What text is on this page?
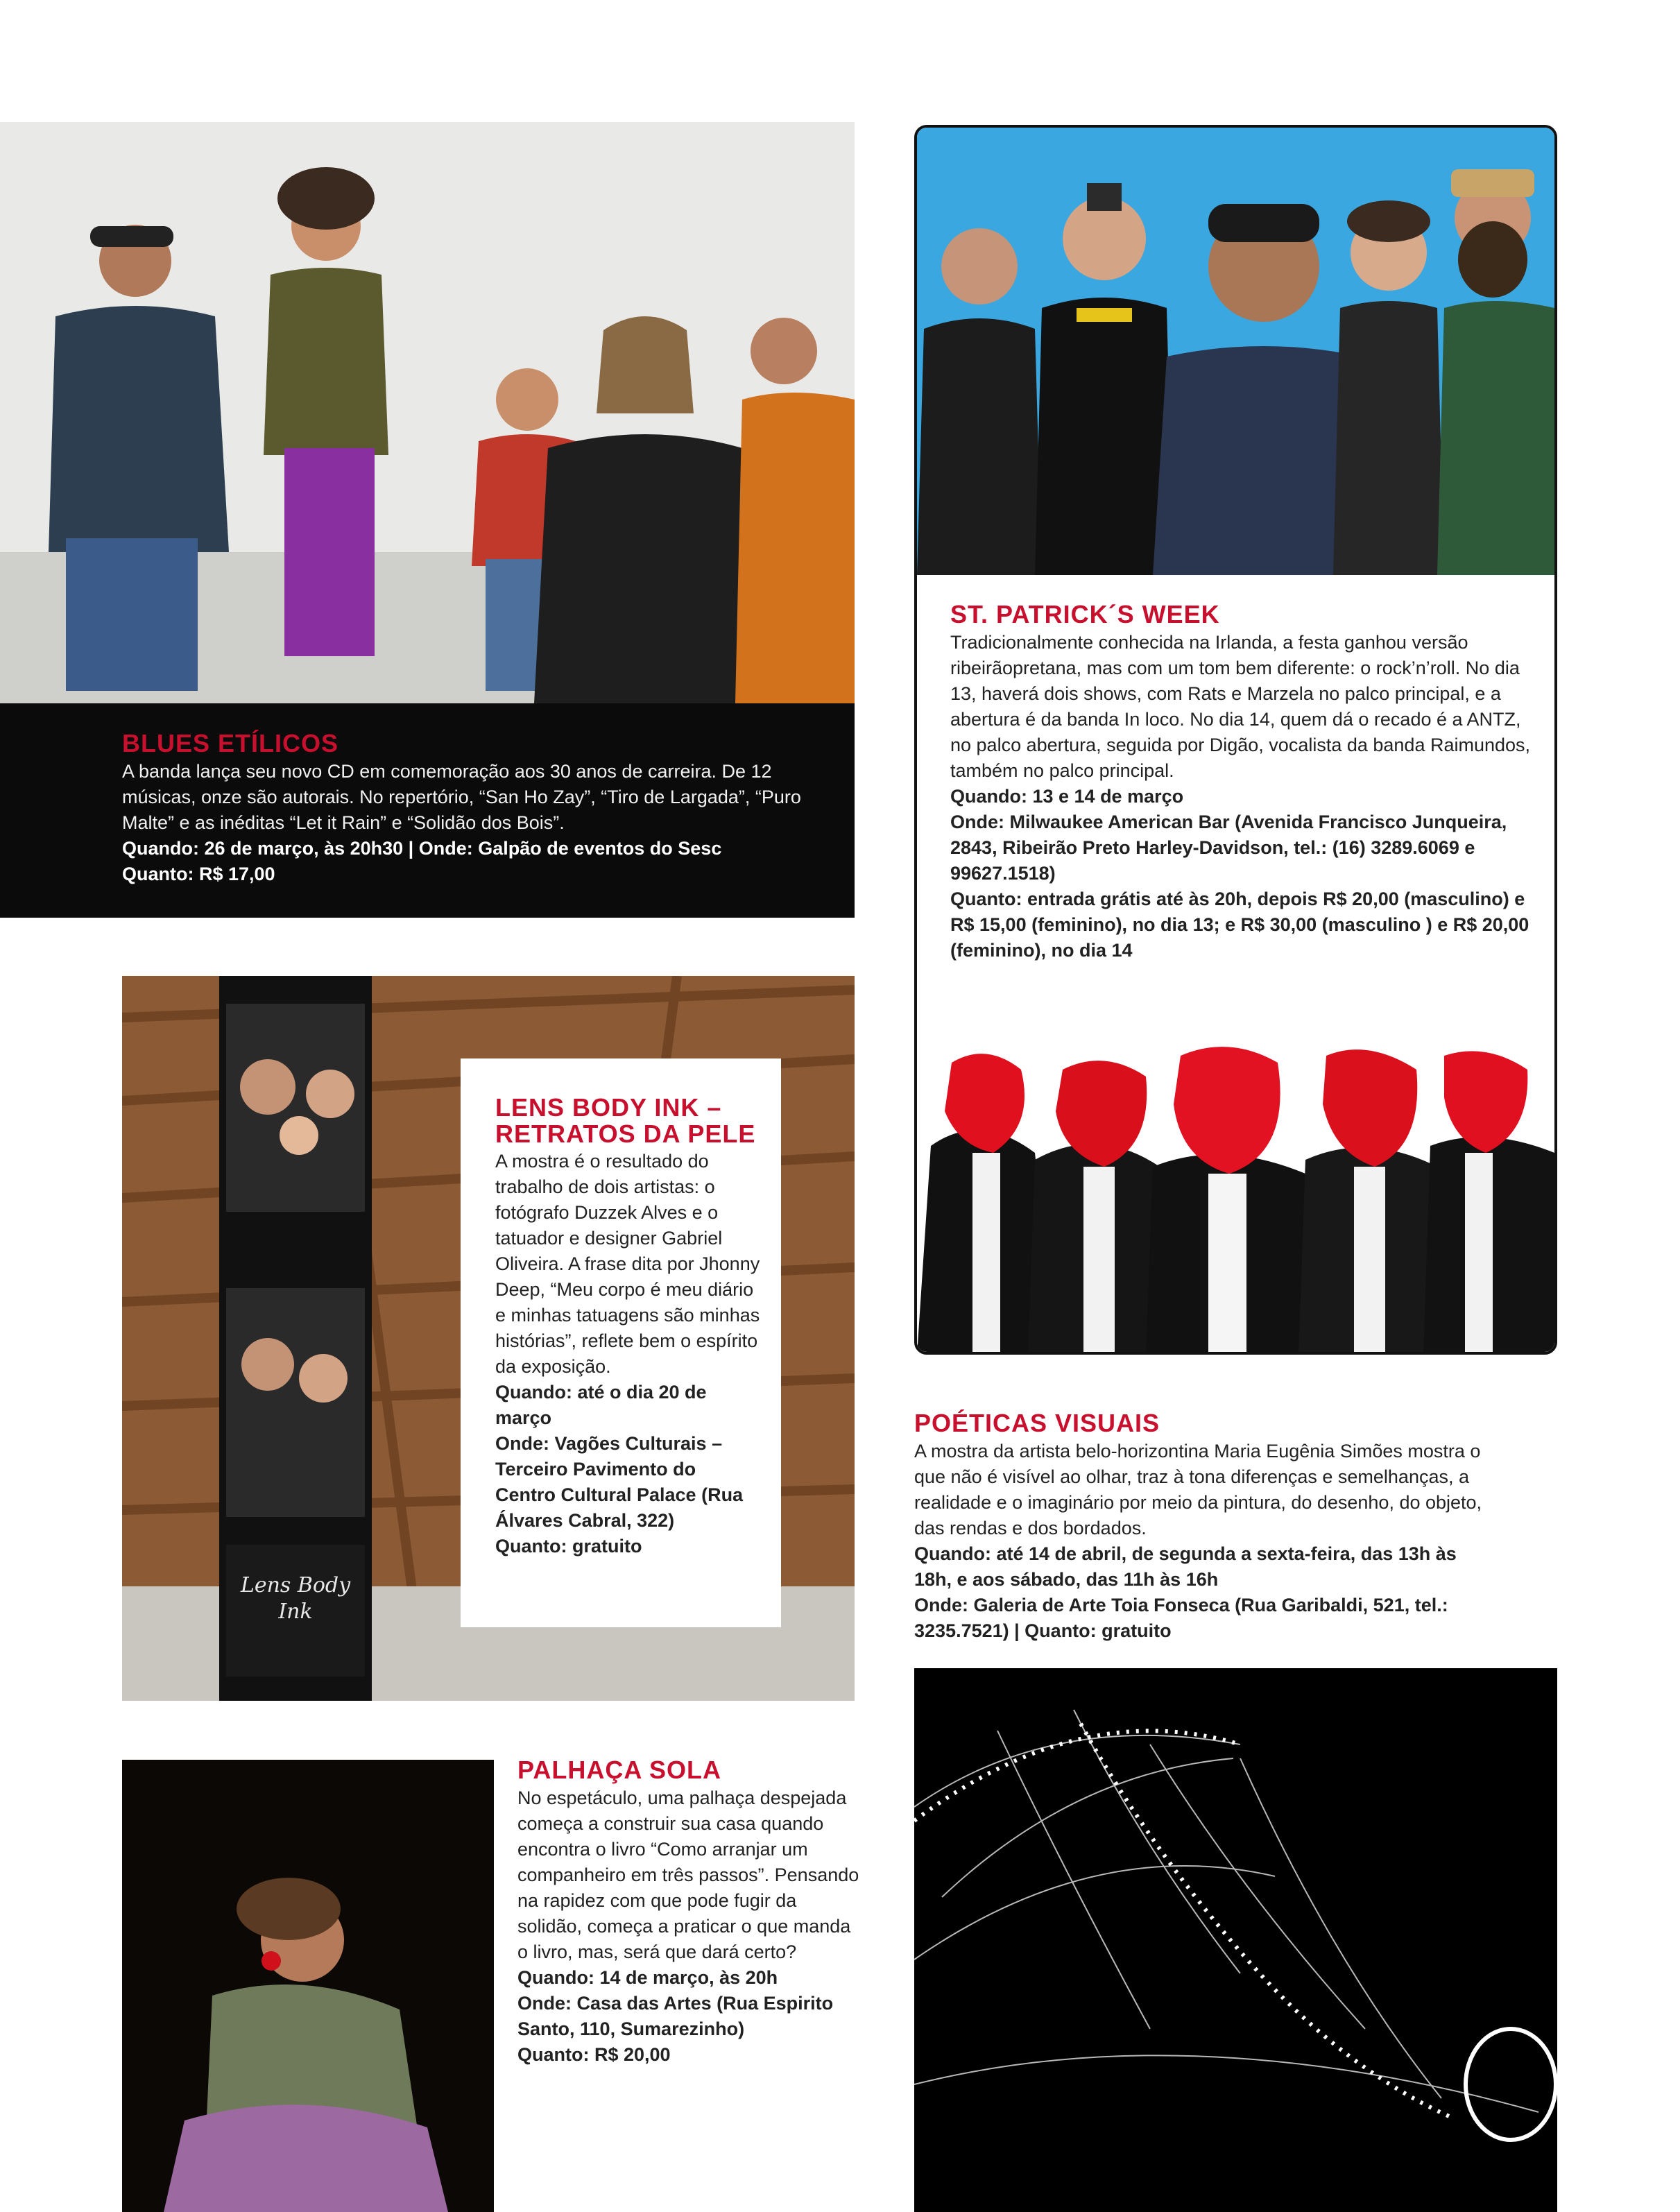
BLUES ETÍLICOS

A banda lança seu novo CD em comemoração aos 30 anos de carreira. De 12 músicas, onze são autorais. No repertório, “San Ho Zay”, “Tiro de Largada”, “Puro Malte” e as inéditas “Let it Rain” e “Solidão dos Bois”.

Quando: 26 de março, às 20h30 | Onde: Galpão de eventos do Sesc
Quanto: R$ 17,00
ST. PATRICK´S WEEK

Tradicionalmente conhecida na Irlanda, a festa ganhou versão ribeirãopretana, mas com um tom bem diferente: o rock’n’roll. No dia 13, haverá dois shows, com Rats e Marzela no palco principal, e a abertura é da banda In loco. No dia 14, quem dá o recado é a ANTZ, no palco abertura, seguida por Digão, vocalista da banda Raimundos, também no palco principal.

Quando: 13 e 14 de março
Onde: Milwaukee American Bar (Avenida Francisco Junqueira, 2843, Ribeirão Preto Harley-Davidson, tel.: (16) 3289.6069 e 99627.1518)
Quanto: entrada grátis até às 20h, depois R$ 20,00 (masculino) e R$ 15,00 (feminino), no dia 13; e R$ 30,00 (masculino ) e R$ 20,00 (feminino), no dia 14
Lens Body Ink
LENS BODY INK – RETRATOS DA PELE

A mostra é o resultado do trabalho de dois artistas: o fotógrafo Duzzek Alves e o tatuador e designer Gabriel Oliveira. A frase dita por Jhonny Deep, “Meu corpo é meu diário e minhas tatuagens são minhas histórias”, reflete bem o espírito da exposição.

Quando: até o dia 20 de março
Onde: Vagões Culturais – Terceiro Pavimento do Centro Cultural Palace (Rua Álvares Cabral, 322)
Quanto: gratuito
POÉTICAS VISUAIS

A mostra da artista belo-horizontina Maria Eugênia Simões mostra o que não é visível ao olhar, traz à tona diferenças e semelhanças, a realidade e o imaginário por meio da pintura, do desenho, do objeto, das rendas e dos bordados.

Quando: até 14 de abril, de segunda a sexta-feira, das 13h às 18h, e aos sábado, das 11h às 16h
Onde: Galeria de Arte Toia Fonseca (Rua Garibaldi, 521, tel.: 3235.7521) | Quanto: gratuito
PALHAÇA SOLA

No espetáculo, uma palhaça despejada começa a construir sua casa quando encontra o livro “Como arranjar um companheiro em três passos”. Pensando na rapidez com que pode fugir da solidão, começa a praticar o que manda o livro, mas, será que dará certo?

Quando: 14 de março, às 20h
Onde: Casa das Artes (Rua Espirito Santo, 110, Sumarezinho)
Quanto: R$ 20,00
